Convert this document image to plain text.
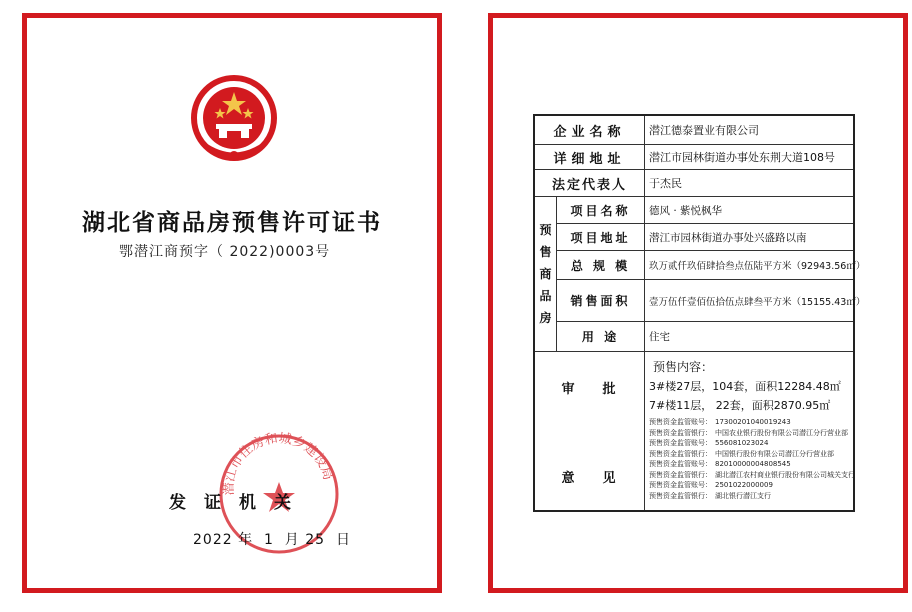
湖北省商品房预售许可证书
鄂潜江商预字（ 2022)0003号
潜江市住房和城乡建设局
发证机关
2022 年  1  月 25  日
企业名称	潜江德泰置业有限公司
详细地址	潜江市园林街道办事处东荆大道108号
法定代表人	于杰民
预
售
商
品
房
项目名称	德风 · 紫悦枫华
项目地址	潜江市园林街道办事处兴盛路以南
总 规 模	玖万贰仟玖佰肆拾叁点伍陆平方米（92943.56㎡）
销售面积	壹万伍仟壹佰伍拾伍点肆叁平方米（15155.43㎡）
用 途	住宅
审批
意见
预售内容：
3#楼27层，104套，面积12284.48㎡
7#楼11层， 22套，面积2870.95㎡
预售资金监管账号： 17300201040019243
预售资金监管银行： 中国农业银行股份有限公司潜江分行营业部
预售资金监管账号： 556081023024
预售资金监管银行： 中国银行股份有限公司潜江分行营业部
预售资金监管账号： 82010000004808545
预售资金监管银行： 湖北潜江农村商业银行股份有限公司城关支行
预售资金监管账号： 2501022000009
预售资金监管银行： 湖北银行潜江支行
